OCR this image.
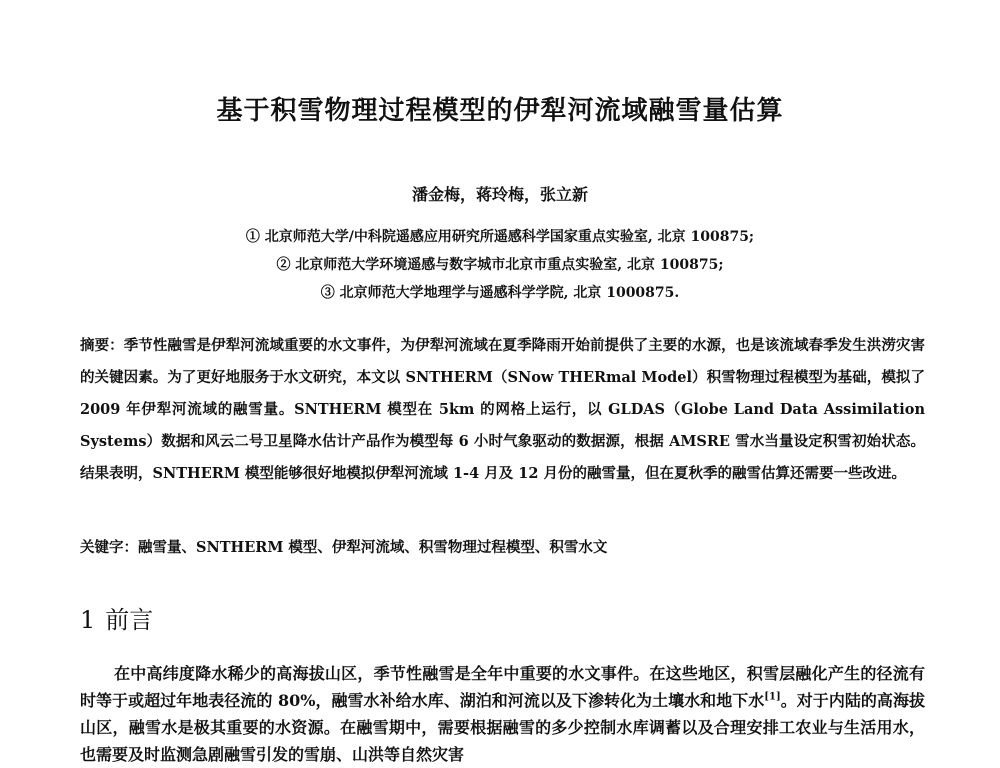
基于积雪物理过程模型的伊犁河流域融雪量估算
潘金梅，蒋玲梅，张立新
① 北京师范大学/中科院遥感应用研究所遥感科学国家重点实验室, 北京 100875;
② 北京师范大学环境遥感与数字城市北京市重点实验室, 北京 100875;
③ 北京师范大学地理学与遥感科学学院, 北京 1000875.
摘要：季节性融雪是伊犁河流域重要的水文事件，为伊犁河流域在夏季降雨开始前提供了主要的水源，也是该流域春季发生洪涝灾害的关键因素。为了更好地服务于水文研究，本文以 SNTHERM（SNow THERmal Model）积雪物理过程模型为基础，模拟了 2009 年伊犁河流域的融雪量。SNTHERM 模型在 5km 的网格上运行，以 GLDAS（Globe Land Data Assimilation Systems）数据和风云二号卫星降水估计产品作为模型每 6 小时气象驱动的数据源，根据 AMSRE 雪水当量设定积雪初始状态。结果表明，SNTHERM 模型能够很好地模拟伊犁河流域 1-4 月及 12 月份的融雪量，但在夏秋季的融雪估算还需要一些改进。
关键字：融雪量、SNTHERM 模型、伊犁河流域、积雪物理过程模型、积雪水文
1 前言
在中高纬度降水稀少的高海拔山区，季节性融雪是全年中重要的水文事件。在这些地区，积雪层融化产生的径流有时等于或超过年地表径流的 80%，融雪水补给水库、湖泊和河流以及下渗转化为土壤水和地下水[1]。对于内陆的高海拔山区，融雪水是极其重要的水资源。在融雪期中，需要根据融雪的多少控制水库调蓄以及合理安排工农业与生活用水，也需要及时监测急剧融雪引发的雪崩、山洪等自然灾害
